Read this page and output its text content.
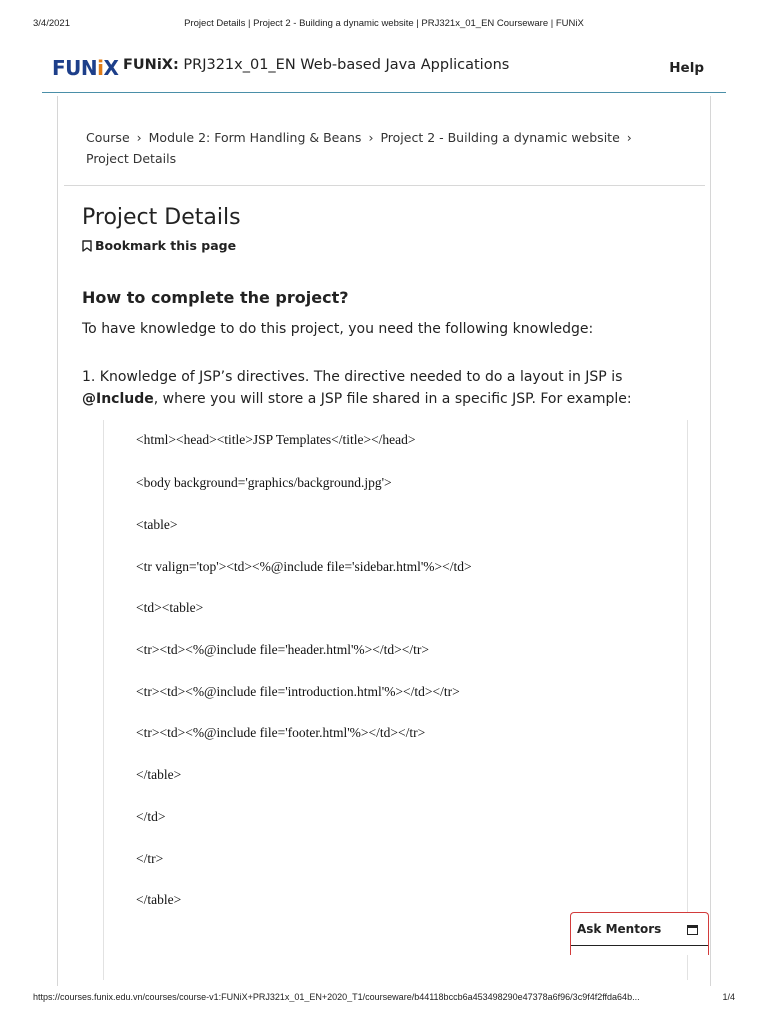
3/4/2021	Project Details | Project 2 - Building a dynamic website | PRJ321x_01_EN Courseware | FUNiX
FUNiX FUNiX: PRJ321x_01_EN Web-based Java Applications	Help
Course › Module 2: Form Handling & Beans › Project 2 - Building a dynamic website ›
Project Details
Project Details
Bookmark this page
How to complete the project?
To have knowledge to do this project, you need the following knowledge:
1. Knowledge of JSP’s directives. The directive needed to do a layout in JSP is @Include, where you will store a JSP file shared in a specific JSP. For example:
<html><head><title>JSP Templates</title></head>
<body background='graphics/background.jpg'>
<table>
<tr valign='top'><td><%@include file='sidebar.html'%></td>
<td><table>
<tr><td><%@include file='header.html'%></td></tr>
<tr><td><%@include file='introduction.html'%></td></tr>
<tr><td><%@include file='footer.html'%></td></tr>
</table>
</td>
</tr>
</table>
Ask Mentors
https://courses.funix.edu.vn/courses/course-v1:FUNiX+PRJ321x_01_EN+2020_T1/courseware/b44118bccb6a453498290e47378a6f96/3c9f4f2ffda64b...	1/4
